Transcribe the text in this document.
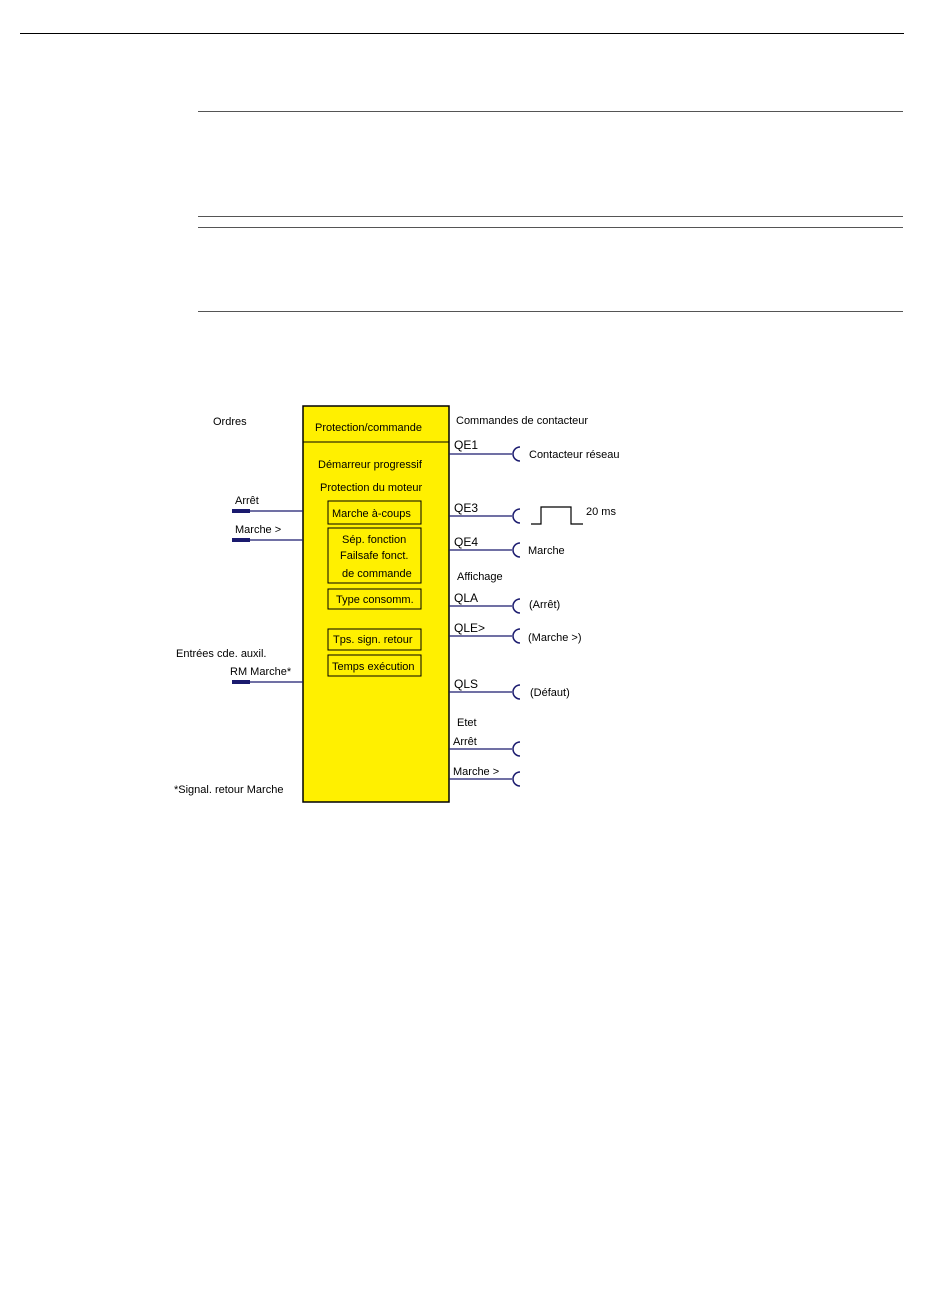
Protection/commande
Démarreur progressif
Protection du moteur
Marche à-coups
Sép. fonction
Failsafe fonct.
de commande
Type consomm.
Tps. sign. retour
Temps exécution
Ordres
Arrêt
Marche >
Entrées cde. auxil.
RM Marche*
*Signal. retour Marche
Commandes de contacteur
Affichage
Etet
QE1
Contacteur réseau
QE3	20 ms
QE4
Marche
QLA	(Arrêt)
QLE>
(Marche >)
QLS
(Défaut)
Arrêt
Marche >
